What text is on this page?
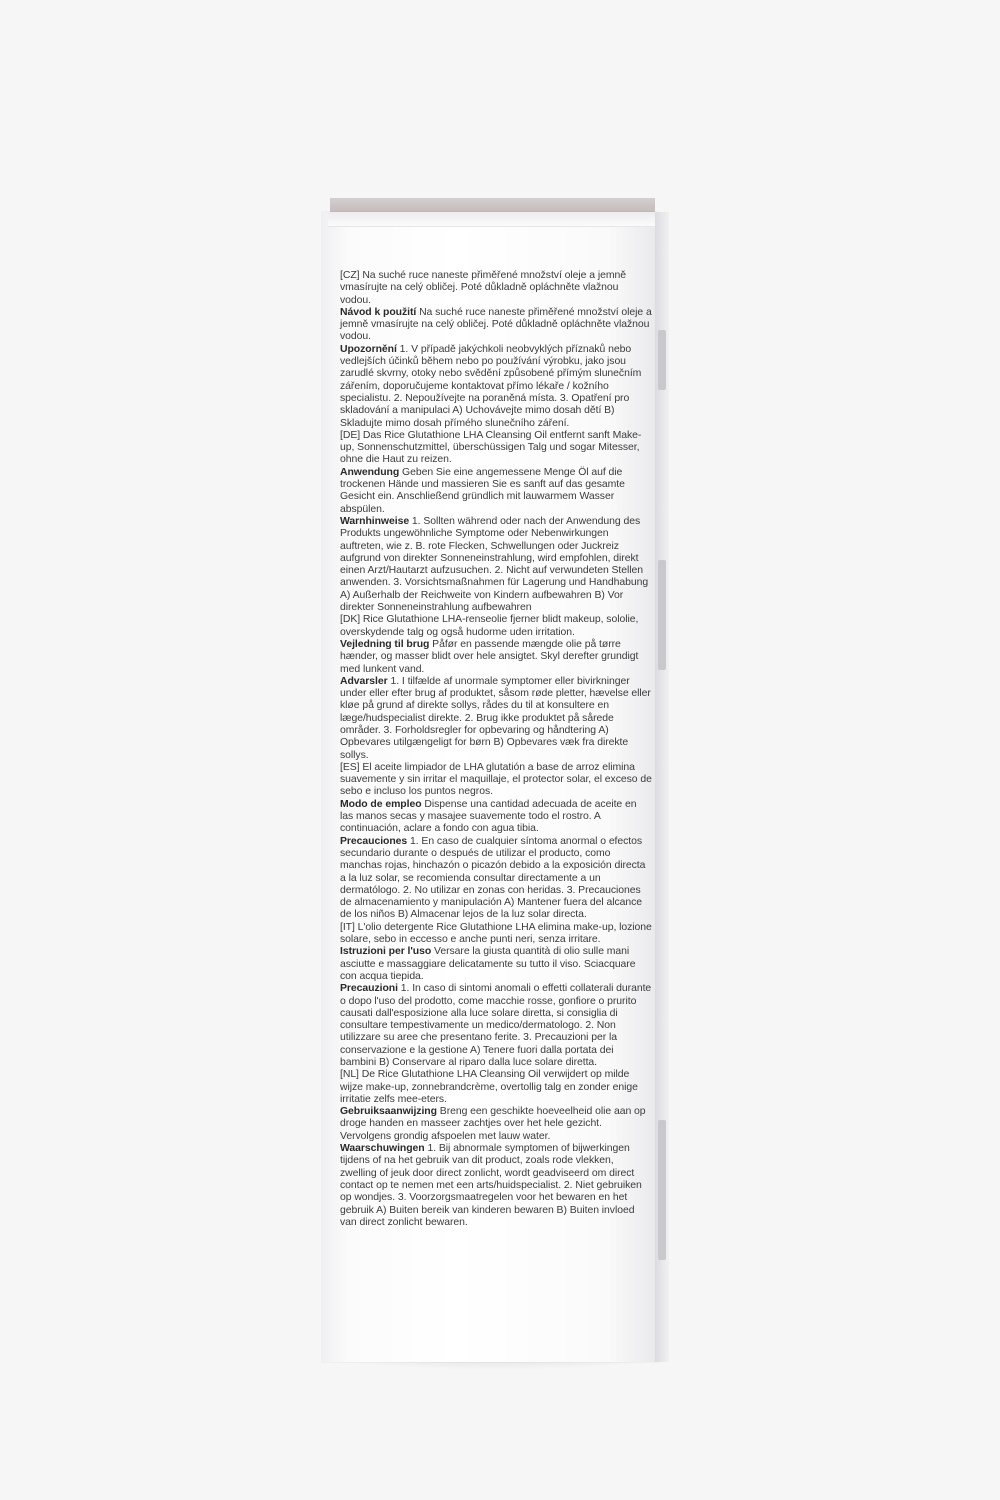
[CZ] Na suché ruce naneste přiměřené množství oleje a jemně vmasírujte na celý obličej. Poté důkladně opláchněte vlažnou vodou.

Návod k použití Na suché ruce naneste přiměřené množství oleje a jemně vmasírujte na celý obličej. Poté důkladně opláchněte vlažnou vodou.

Upozornění 1. V případě jakýchkoli neobvyklých příznaků nebo vedlejších účinků během nebo po používání výrobku, jako jsou zarudlé skvrny, otoky nebo svědění způsobené přímým slunečním zářením, doporučujeme kontaktovat přímo lékaře / kožního specialistu. 2. Nepoužívejte na poraněná místa. 3. Opatření pro skladování a manipulaci A) Uchovávejte mimo dosah dětí B) Skladujte mimo dosah přímého slunečního záření.

[DE] Das Rice Glutathione LHA Cleansing Oil entfernt sanft Make-up, Sonnenschutzmittel, überschüssigen Talg und sogar Mitesser, ohne die Haut zu reizen.

Anwendung Geben Sie eine angemessene Menge Öl auf die trockenen Hände und massieren Sie es sanft auf das gesamte Gesicht ein. Anschließend gründlich mit lauwarmem Wasser abspülen.

Warnhinweise 1. Sollten während oder nach der Anwendung des Produkts ungewöhnliche Symptome oder Nebenwirkungen auftreten, wie z. B. rote Flecken, Schwellungen oder Juckreiz aufgrund von direkter Sonneneinstrahlung, wird empfohlen, direkt einen Arzt/Hautarzt aufzusuchen. 2. Nicht auf verwundeten Stellen anwenden. 3. Vorsichtsmaßnahmen für Lagerung und Handhabung A) Außerhalb der Reichweite von Kindern aufbewahren B) Vor direkter Sonneneinstrahlung aufbewahren

[DK] Rice Glutathione LHA-renseolie fjerner blidt makeup, sololie, overskydende talg og også hudorme uden irritation.

Vejledning til brug Påfør en passende mængde olie på tørre hænder, og masser blidt over hele ansigtet. Skyl derefter grundigt med lunkent vand.

Advarsler 1. I tilfælde af unormale symptomer eller bivirkninger under eller efter brug af produktet, såsom røde pletter, hævelse eller kløe på grund af direkte sollys, rådes du til at konsultere en læge/hudspecialist direkte. 2. Brug ikke produktet på sårede områder. 3. Forholdsregler for opbevaring og håndtering A) Opbevares utilgængeligt for børn B) Opbevares væk fra direkte sollys.

[ES] El aceite limpiador de LHA glutatión a base de arroz elimina suavemente y sin irritar el maquillaje, el protector solar, el exceso de sebo e incluso los puntos negros.

Modo de empleo Dispense una cantidad adecuada de aceite en las manos secas y masajee suavemente todo el rostro. A continuación, aclare a fondo con agua tibia.

Precauciones 1. En caso de cualquier síntoma anormal o efectos secundario durante o después de utilizar el producto, como manchas rojas, hinchazón o picazón debido a la exposición directa a la luz solar, se recomienda consultar directamente a un dermatólogo. 2. No utilizar en zonas con heridas. 3. Precauciones de almacenamiento y manipulación A) Mantener fuera del alcance de los niños B) Almacenar lejos de la luz solar directa.

[IT] L'olio detergente Rice Glutathione LHA elimina make-up, lozione solare, sebo in eccesso e anche punti neri, senza irritare.

Istruzioni per l'uso Versare la giusta quantità di olio sulle mani asciutte e massaggiare delicatamente su tutto il viso. Sciacquare con acqua tiepida.

Precauzioni 1. In caso di sintomi anomali o effetti collaterali durante o dopo l'uso del prodotto, come macchie rosse, gonfiore o prurito causati dall'esposizione alla luce solare diretta, si consiglia di consultare tempestivamente un medico/dermatologo. 2. Non utilizzare su aree che presentano ferite. 3. Precauzioni per la conservazione e la gestione A) Tenere fuori dalla portata dei bambini B) Conservare al riparo dalla luce solare diretta.

[NL] De Rice Glutathione LHA Cleansing Oil verwijdert op milde wijze make-up, zonnebrandcrème, overtollig talg en zonder enige irritatie zelfs mee-eters.

Gebruiksaanwijzing Breng een geschikte hoeveelheid olie aan op droge handen en masseer zachtjes over het hele gezicht. Vervolgens grondig afspoelen met lauw water.

Waarschuwingen 1. Bij abnormale symptomen of bijwerkingen tijdens of na het gebruik van dit product, zoals rode vlekken, zwelling of jeuk door direct zonlicht, wordt geadviseerd om direct contact op te nemen met een arts/huidspecialist. 2. Niet gebruiken op wondjes. 3. Voorzorgsmaatregelen voor het bewaren en het gebruik A) Buiten bereik van kinderen bewaren B) Buiten invloed van direct zonlicht bewaren.
